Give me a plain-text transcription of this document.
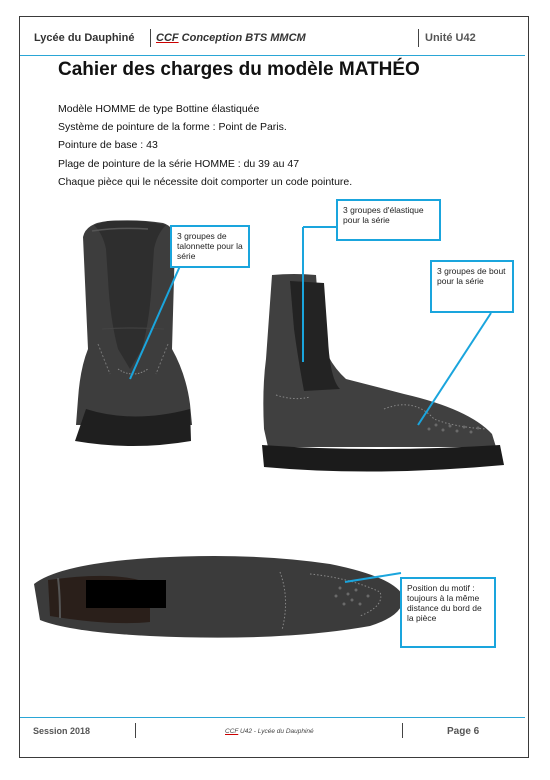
Lycée du Dauphiné CCF Conception BTS MMCM	Unité U42
Cahier des charges du modèle MATHÉO
Modèle HOMME de type Bottine élastiquée
Système de pointure de la forme : Point de Paris.
Pointure de base : 43
Plage de pointure de la série HOMME : du 39 au 47
Chaque pièce qui le nécessite doit comporter un code pointure.
3 groupes de talonnette pour la série
3 groupes d'élastique pour la série
3 groupes de bout pour la série
Position du motif : toujours à la même distance du bord de la pièce
Session 2018	CCF U42 - Lycée du Dauphiné	Page 6
